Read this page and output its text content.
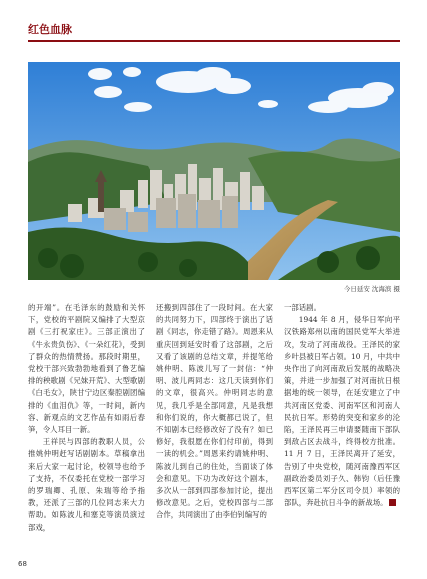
红色血脉
今日延安 沈海滨 摄

的开端”。在毛泽东的鼓励和关怀下，党校的平剧院又编排了大型京剧《三打祝家庄》。三部正演出了《牛永贵负伤》、《一朵红花》，受到了群众的热情赞扬。那段时期里，党校干部兴致勃勃地看到了鲁艺编排的秧歌剧《兄妹开荒》、大型歌剧《白毛女》，陕甘宁边区秦腔剧团编排的《血泪仇》等，一时间，新内容、新观点的文艺作品有如雨后春笋，令人耳目一新。

王祥民与四部的教职人员，公推姚仲明赶写话剧剧本。草稿拿出来后大家一起讨论，校领导也给予了支持，不仅委托在党校一部学习的罗瑞卿、孔原、朱瑞等给予指教，还派了三部的几位同志来大力帮助。如陈波儿和塞克等演员演过部戏，

还搬到四部住了一段时间。在大家的共同努力下，四部终于演出了话剧《同志，你走错了路》。周恩来从重庆回到延安时看了这部剧，之后又看了该剧的总结文章，并提笔给姚仲明、陈波儿写了一封信：“仲明、波儿两同志：这几天读到你们的文章，很高兴。仲明同志的意见，我几乎是全部同意，凡是我想和你们说的，你大概都已说了，但不知剧本已经修改好了没有？如已修好，我很愿在你们付印前，得到一读的机会。”周恩来约请姚仲明、陈波儿到自己的住处，当面谈了体会和意见。下功为改好这个剧本，多次从一部到四部参加讨论，提出修改意见。之后，党校四部与二部合作，共同演出了由李伯钊编写的

一部话剧。

1944 年 8 月，侵华日军向平汉铁路郑州以南的国民党军大举进攻，发动了河南战役。王泽民的家乡叶县被日军占领。10 月，中共中央作出了向河南敌后发展的战略决策，并进一步加强了对河南抗日根据地的统一领导，在延安建立了中共河南区党委、河南军区和河南人民抗日军。形势的突变和家乡的沦陷，王泽民再三申请要随南下部队到敌占区去战斗，终得校方批准。11 月 7 日，王泽民离开了延安，告别了中央党校，随河南豫西军区副政治委员刘子久、韩钧（后任豫西军区第二军分区司令员）率领的部队，奔赴抗日斗争的新战场。

68
